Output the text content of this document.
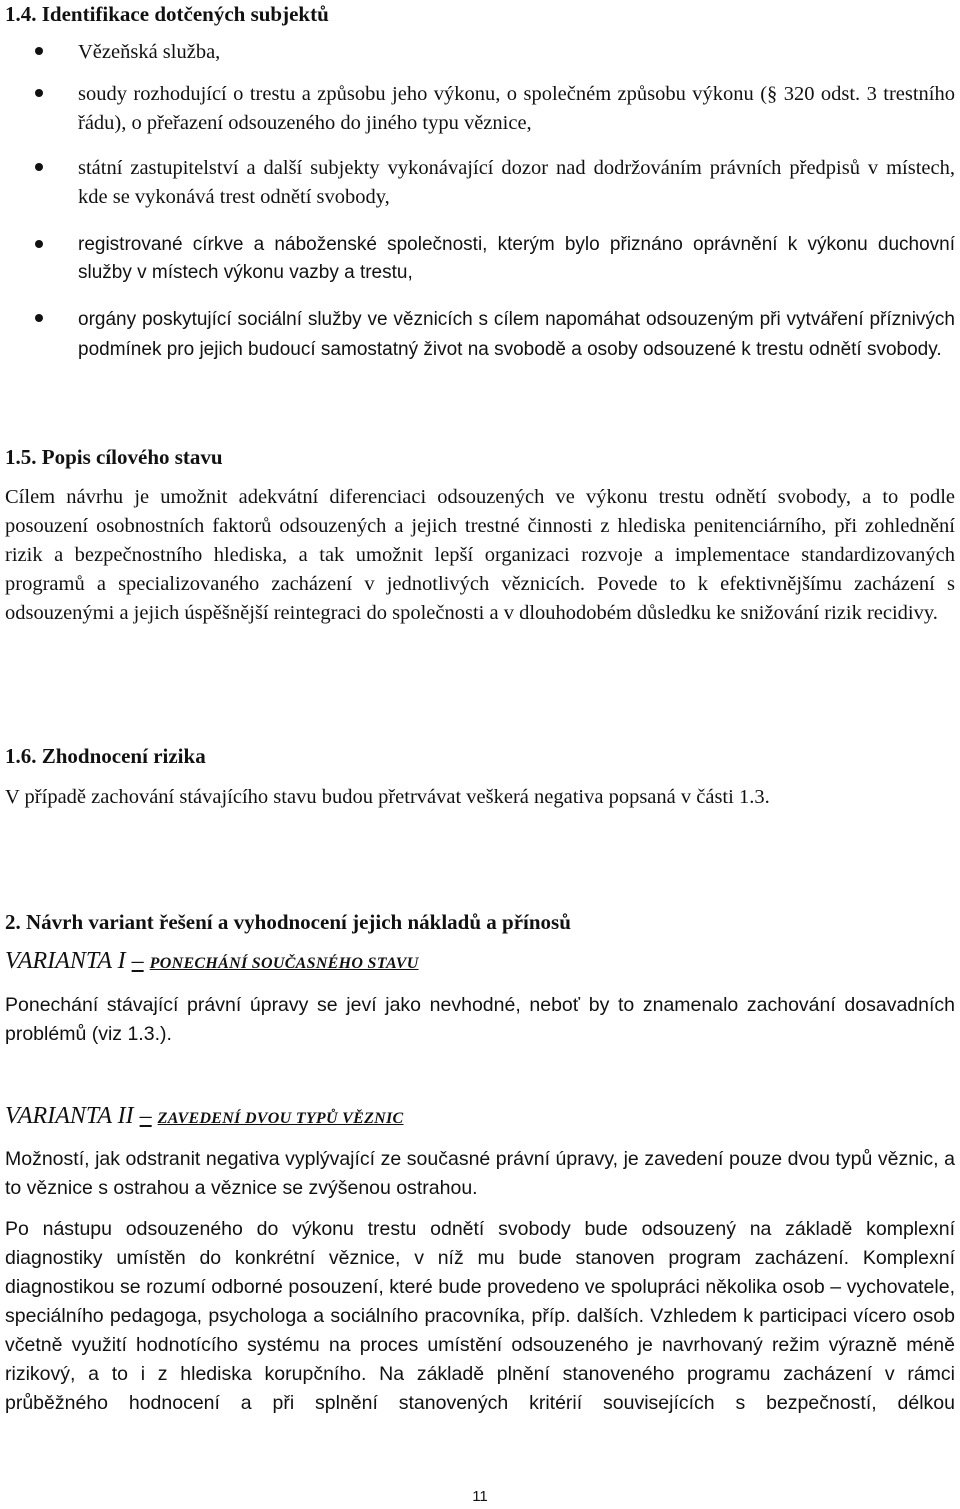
1.4. Identifikace dotčených subjektů
Vězeňská služba,
soudy rozhodující o trestu a způsobu jeho výkonu, o společném způsobu výkonu (§ 320 odst. 3 trestního řádu), o přeřazení odsouzeného do jiného typu věznice,
státní zastupitelství a další subjekty vykonávající dozor nad dodržováním právních předpisů v místech, kde se vykonává trest odnětí svobody,
registrované církve a náboženské společnosti, kterým bylo přiznáno oprávnění k výkonu duchovní služby v místech výkonu vazby a trestu,
orgány poskytující sociální služby ve věznicích s cílem napomáhat odsouzeným při vytváření příznivých podmínek pro jejich budoucí samostatný život na svobodě a osoby odsouzené k trestu odnětí svobody.
1.5. Popis cílového stavu
Cílem návrhu je umožnit adekvátní diferenciaci odsouzených ve výkonu trestu odnětí svobody, a to podle posouzení osobnostních faktorů odsouzených a jejich trestné činnosti z hlediska penitenciárního, při zohlednění rizik a bezpečnostního hlediska, a tak umožnit lepší organizaci rozvoje a implementace standardizovaných programů a specializovaného zacházení v jednotlivých věznicích. Povede to k efektivnějšímu zacházení s odsouzenými a jejich úspěšnější reintegraci do společnosti a v dlouhodobém důsledku ke snižování rizik recidivy.
1.6. Zhodnocení rizika
V případě zachování stávajícího stavu budou přetrvávat veškerá negativa popsaná v části 1.3.
2. Návrh variant řešení a vyhodnocení jejich nákladů a přínosů
VARIANTA I – PONECHÁNÍ SOUČASNÉHO STAVU
Ponechání stávající právní úpravy se jeví jako nevhodné, neboť by to znamenalo zachování dosavadních problémů (viz 1.3.).
VARIANTA II – ZAVEDENÍ DVOU TYPŮ VĚZNIC
Možností, jak odstranit negativa vyplývající ze současné právní úpravy, je zavedení pouze dvou typů věznic, a to věznice s ostrahou a věznice se zvýšenou ostrahou.
Po nástupu odsouzeného do výkonu trestu odnětí svobody bude odsouzený na základě komplexní diagnostiky umístěn do konkrétní věznice, v níž mu bude stanoven program zacházení. Komplexní diagnostikou se rozumí odborné posouzení, které bude provedeno ve spolupráci několika osob – vychovatele, speciálního pedagoga, psychologa a sociálního pracovníka, příp. dalších. Vzhledem k participaci vícero osob včetně využití hodnotícího systému na proces umístění odsouzeného je navrhovaný režim výrazně méně rizikový, a to i z hlediska korupčního. Na základě plnění stanoveného programu zacházení v rámci průběžného hodnocení a při splnění stanovených kritérií souvisejících s bezpečností, délkou
11
